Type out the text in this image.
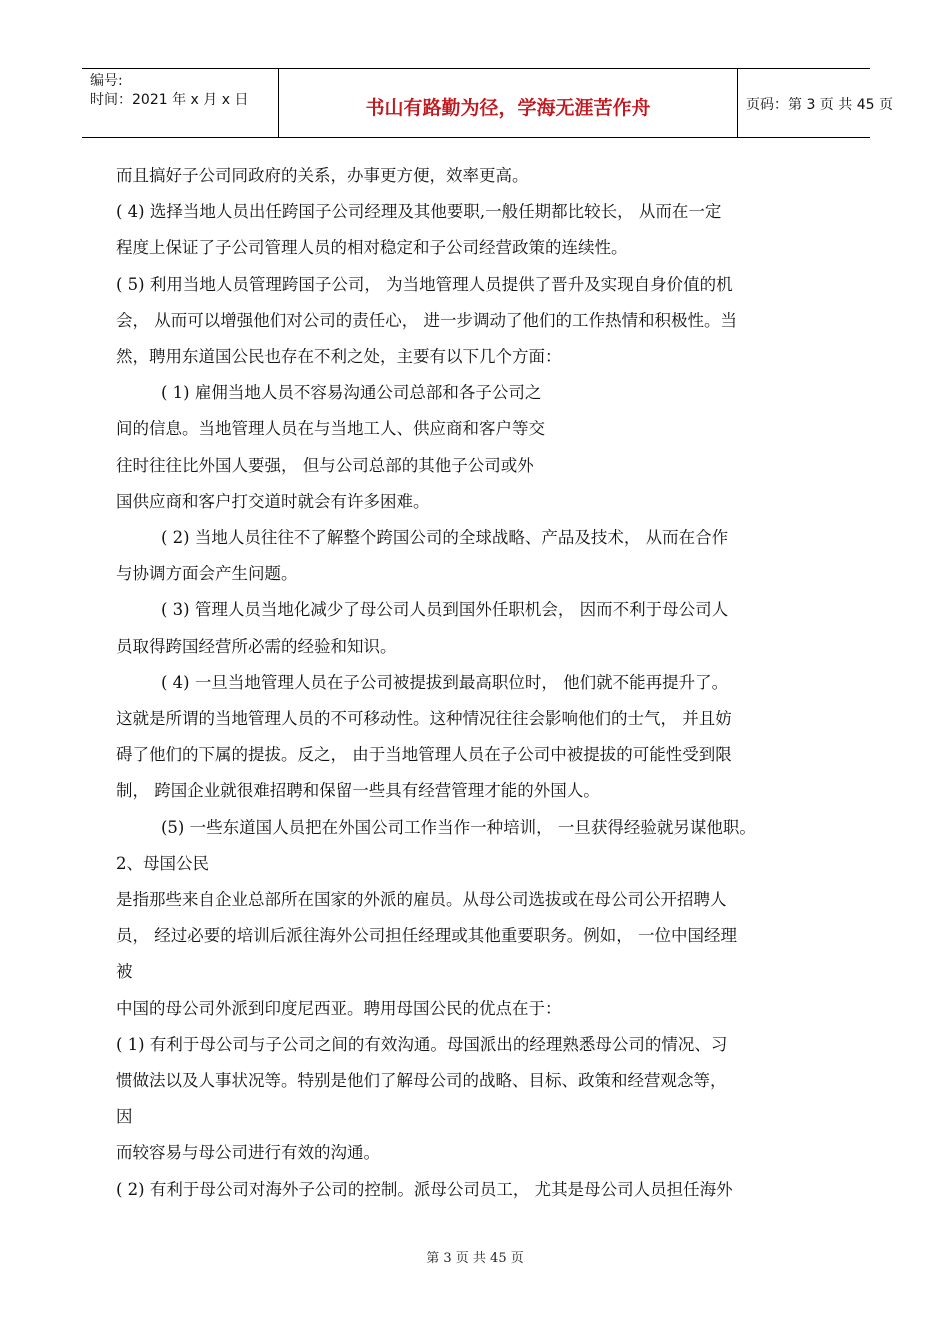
编号:
时间：2021 年 x 月 x 日	书山有路勤为径，学海无涯苦作舟	页码：第 3 页 共 45 页

而且搞好子公司同政府的关系，办事更方便，效率更高。

( 4) 选择当地人员出任跨国子公司经理及其他要职,一般任期都比较长， 从而在一定

程度上保证了子公司管理人员的相对稳定和子公司经营政策的连续性。

( 5) 利用当地人员管理跨国子公司， 为当地管理人员提供了晋升及实现自身价值的机

会， 从而可以增强他们对公司的责任心， 进一步调动了他们的工作热情和积极性。当

然，聘用东道国公民也存在不利之处，主要有以下几个方面：

( 1) 雇佣当地人员不容易沟通公司总部和各子公司之

间的信息。当地管理人员在与当地工人、供应商和客户等交

往时往往比外国人要强， 但与公司总部的其他子公司或外

国供应商和客户打交道时就会有许多困难。

( 2) 当地人员往往不了解整个跨国公司的全球战略、产品及技术， 从而在合作

与协调方面会产生问题。

( 3) 管理人员当地化减少了母公司人员到国外任职机会， 因而不利于母公司人

员取得跨国经营所必需的经验和知识。

( 4) 一旦当地管理人员在子公司被提拔到最高职位时， 他们就不能再提升了。

这就是所谓的当地管理人员的不可移动性。这种情况往往会影响他们的士气， 并且妨

碍了他们的下属的提拔。反之， 由于当地管理人员在子公司中被提拔的可能性受到限

制， 跨国企业就很难招聘和保留一些具有经营管理才能的外国人。

(5) 一些东道国人员把在外国公司工作当作一种培训， 一旦获得经验就另谋他职。

2、母国公民

是指那些来自企业总部所在国家的外派的雇员。从母公司选拔或在母公司公开招聘人

员， 经过必要的培训后派往海外公司担任经理或其他重要职务。例如， 一位中国经理

被

中国的母公司外派到印度尼西亚。聘用母国公民的优点在于：

( 1) 有利于母公司与子公司之间的有效沟通。母国派出的经理熟悉母公司的情况、习

惯做法以及人事状况等。特别是他们了解母公司的战略、目标、政策和经营观念等，

因

而较容易与母公司进行有效的沟通。

( 2) 有利于母公司对海外子公司的控制。派母公司员工， 尤其是母公司人员担任海外

第 3 页 共 45 页
